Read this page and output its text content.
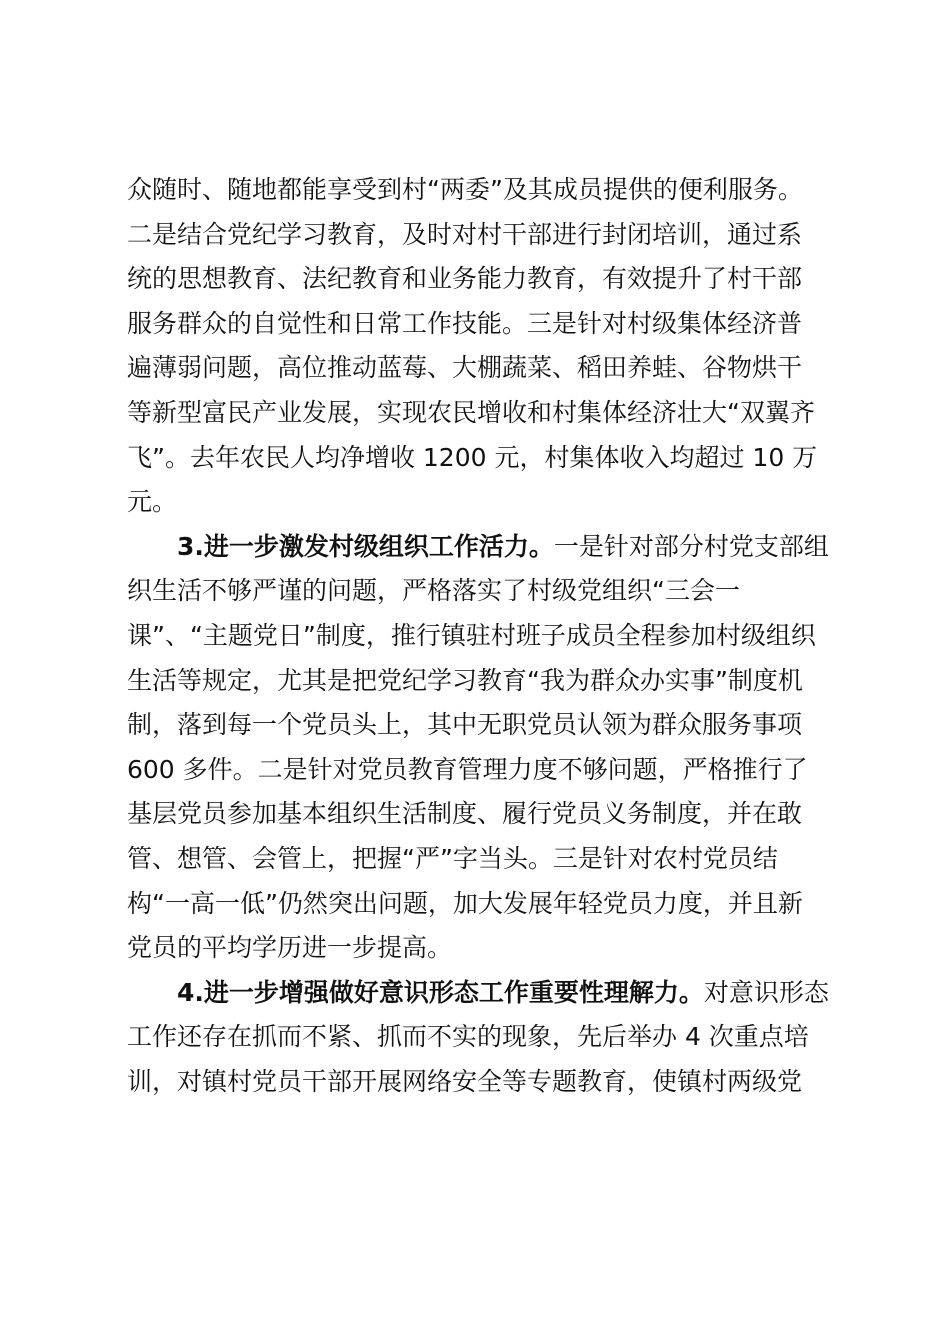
众随时、随地都能享受到村“两委”及其成员提供的便利服务。
二是结合党纪学习教育，及时对村干部进行封闭培训，通过系
统的思想教育、法纪教育和业务能力教育，有效提升了村干部
服务群众的自觉性和日常工作技能。三是针对村级集体经济普
遍薄弱问题，高位推动蓝莓、大棚蔬菜、稻田养蛙、谷物烘干
等新型富民产业发展，实现农民增收和村集体经济壮大“双翼齐
飞”。去年农民人均净增收 1200 元，村集体收入均超过 10 万
元。
3.进一步激发村级组织工作活力。一是针对部分村党支部组
织生活不够严谨的问题，严格落实了村级党组织“三会一
课”、“主题党日”制度，推行镇驻村班子成员全程参加村级组织
生活等规定，尤其是把党纪学习教育“我为群众办实事”制度机
制，落到每一个党员头上，其中无职党员认领为群众服务事项
600 多件。二是针对党员教育管理力度不够问题，严格推行了
基层党员参加基本组织生活制度、履行党员义务制度，并在敢
管、想管、会管上，把握“严”字当头。三是针对农村党员结
构“一高一低”仍然突出问题，加大发展年轻党员力度，并且新
党员的平均学历进一步提高。
4.进一步增强做好意识形态工作重要性理解力。对意识形态
工作还存在抓而不紧、抓而不实的现象，先后举办 4 次重点培
训，对镇村党员干部开展网络安全等专题教育，使镇村两级党
